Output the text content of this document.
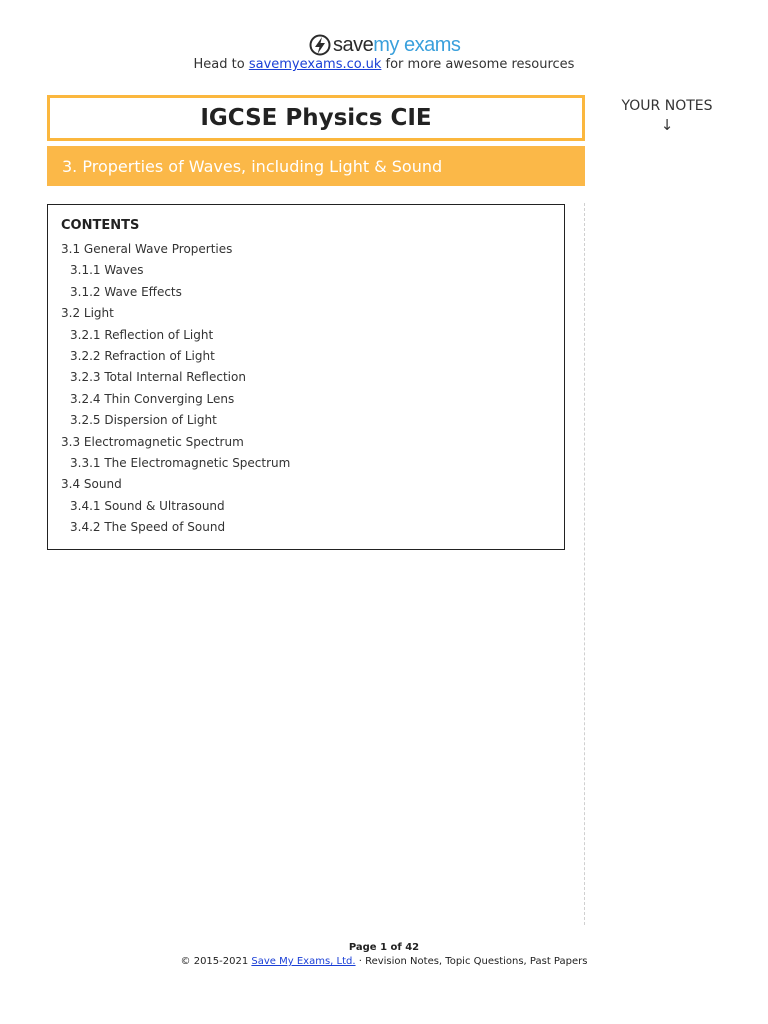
savemy exams
Head to savemyexams.co.uk for more awesome resources
IGCSE Physics CIE
3. Properties of Waves, including Light & Sound
YOUR NOTES
↓
CONTENTS
3.1 General Wave Properties
3.1.1 Waves
3.1.2 Wave Effects
3.2 Light
3.2.1 Reflection of Light
3.2.2 Refraction of Light
3.2.3 Total Internal Reflection
3.2.4 Thin Converging Lens
3.2.5 Dispersion of Light
3.3 Electromagnetic Spectrum
3.3.1 The Electromagnetic Spectrum
3.4 Sound
3.4.1 Sound & Ultrasound
3.4.2 The Speed of Sound
Page 1 of 42
© 2015-2021 Save My Exams, Ltd. · Revision Notes, Topic Questions, Past Papers
